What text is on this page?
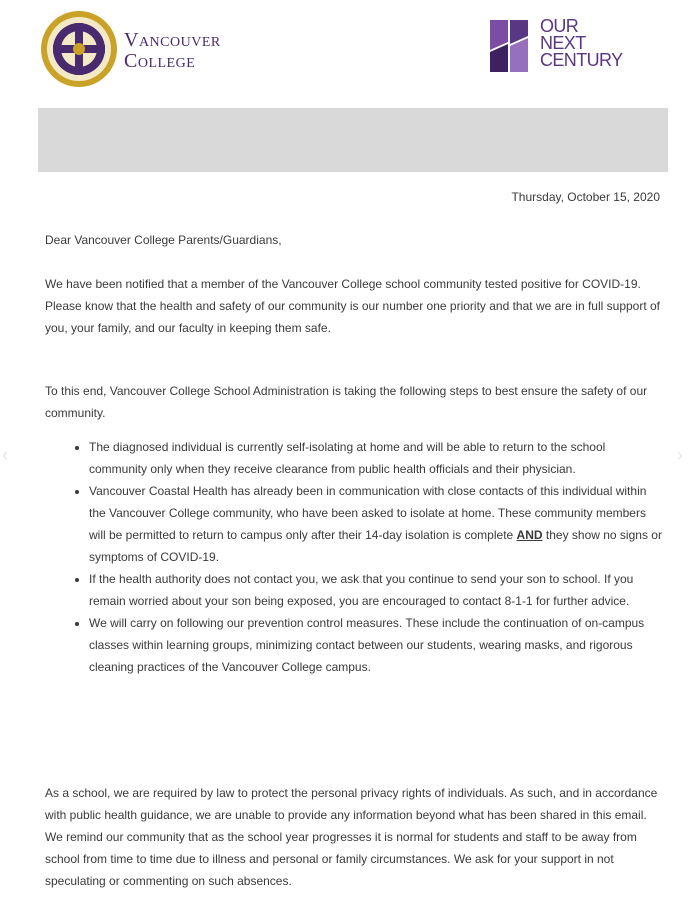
Vancouver
College
OUR
NEXT
CENTURY
Thursday, October 15, 2020
Dear Vancouver College Parents/Guardians,

We have been notified that a member of the Vancouver College school community tested positive for COVID-19. Please know that the health and safety of our community is our number one priority and that we are in full support of you, your family, and our faculty in keeping them safe.

To this end, Vancouver College School Administration is taking the following steps to best ensure the safety of our community.

• The diagnosed individual is currently self-isolating at home and will be able to return to the school community only when they receive clearance from public health officials and their physician.
• Vancouver Coastal Health has already been in communication with close contacts of this individual within the Vancouver College community, who have been asked to isolate at home. These community members will be permitted to return to campus only after their 14-day isolation is complete AND they show no signs or symptoms of COVID-19.
• If the health authority does not contact you, we ask that you continue to send your son to school. If you remain worried about your son being exposed, you are encouraged to contact 8-1-1 for further advice.
• We will carry on following our prevention control measures. These include the continuation of on-campus classes within learning groups, minimizing contact between our students, wearing masks, and rigorous cleaning practices of the Vancouver College campus.

As a school, we are required by law to protect the personal privacy rights of individuals. As such, and in accordance with public health guidance, we are unable to provide any information beyond what has been shared in this email. We remind our community that as the school year progresses it is normal for students and staff to be away from school from time to time due to illness and personal or family circumstances. We ask for your support in not speculating or commenting on such absences.

‹	›
